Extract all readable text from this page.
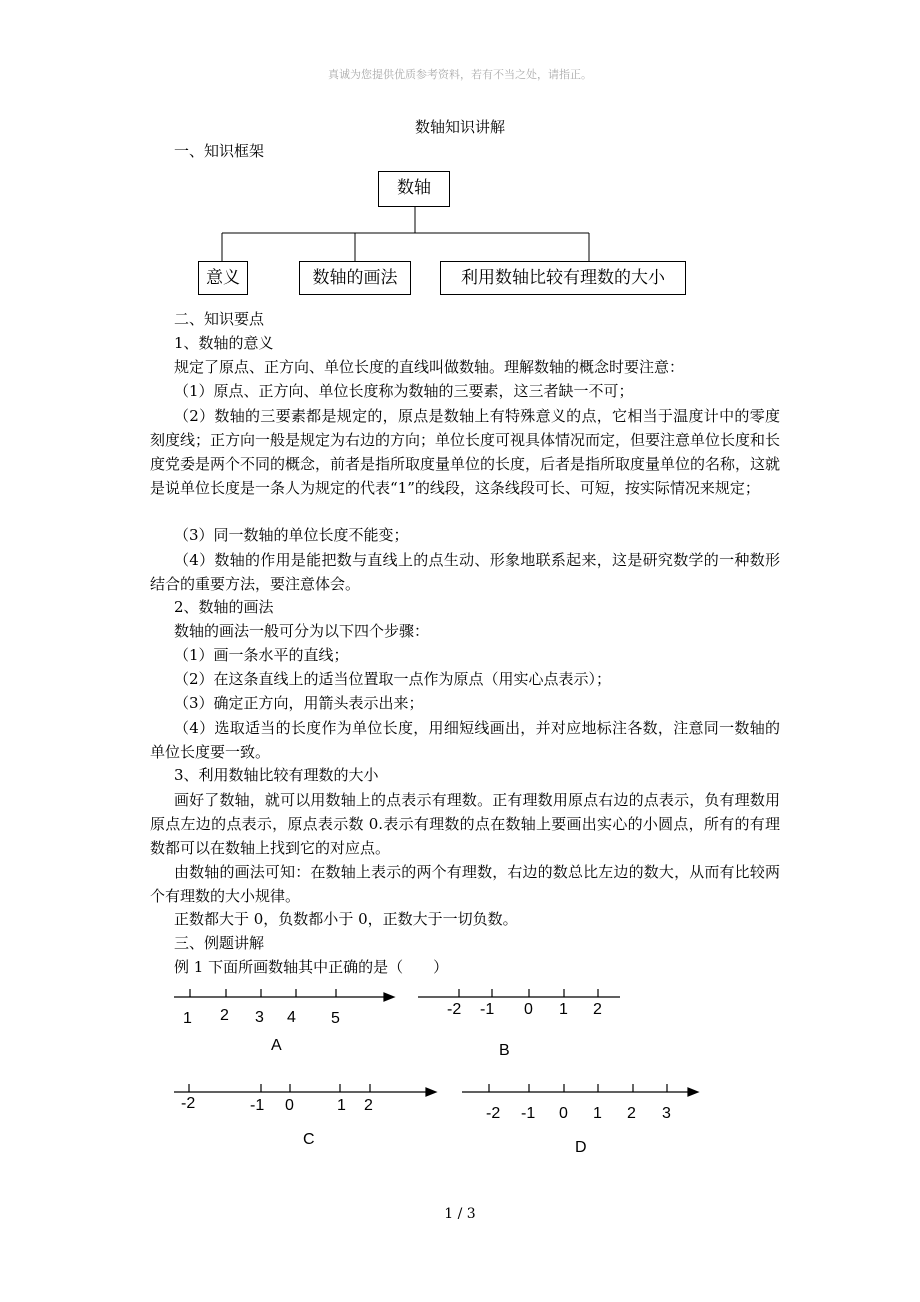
真诚为您提供优质参考资料，若有不当之处，请指正。
数轴知识讲解
一、知识框架
数轴
意义	数轴的画法	利用数轴比较有理数的大小
二、知识要点
1、数轴的意义
规定了原点、正方向、单位长度的直线叫做数轴。理解数轴的概念时要注意：
（1）原点、正方向、单位长度称为数轴的三要素，这三者缺一不可；
（2）数轴的三要素都是规定的，原点是数轴上有特殊意义的点，它相当于温度计中的零度刻度线；正方向一般是规定为右边的方向；单位长度可视具体情况而定，但要注意单位长度和长度党委是两个不同的概念，前者是指所取度量单位的长度，后者是指所取度量单位的名称，这就是说单位长度是一条人为规定的代表“1”的线段，这条线段可长、可短，按实际情况来规定；
（3）同一数轴的单位长度不能变；
（4）数轴的作用是能把数与直线上的点生动、形象地联系起来，这是研究数学的一种数形结合的重要方法，要注意体会。
2、数轴的画法
数轴的画法一般可分为以下四个步骤：
（1）画一条水平的直线；
（2）在这条直线上的适当位置取一点作为原点（用实心点表示）；
（3）确定正方向，用箭头表示出来；
（4）选取适当的长度作为单位长度，用细短线画出，并对应地标注各数，注意同一数轴的单位长度要一致。
3、利用数轴比较有理数的大小
画好了数轴，就可以用数轴上的点表示有理数。正有理数用原点右边的点表示，负有理数用原点左边的点表示，原点表示数 0.表示有理数的点在数轴上要画出实心的小圆点，所有的有理数都可以在数轴上找到它的对应点。
由数轴的画法可知：在数轴上表示的两个有理数，右边的数总比左边的数大，从而有比较两个有理数的大小规律。
正数都大于 0，负数都小于 0，正数大于一切负数。
三、例题讲解
例 1 下面所画数轴其中正确的是（　　）
1 2 3 4 5
A
-2 -1 0 1 2
B
-2	-1 0	1 2
C
-2 -1 0 1 2 3
D
1 / 3
